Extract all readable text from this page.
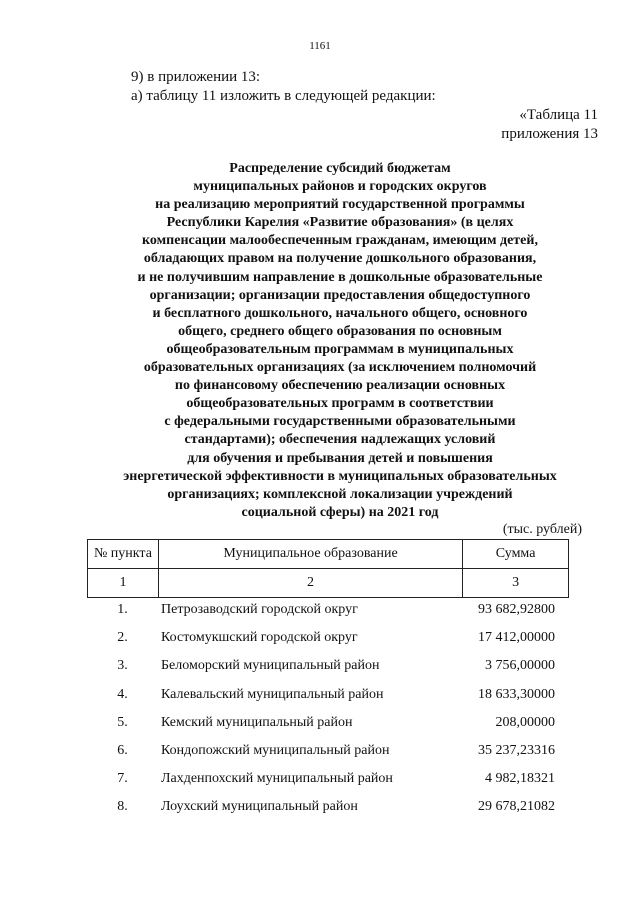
1161
9) в приложении 13:
а) таблицу 11 изложить в следующей редакции:
«Таблица 11
приложения 13
Распределение субсидий бюджетам
муниципальных районов и городских округов
на реализацию мероприятий государственной программы
Республики Карелия «Развитие образования» (в целях
компенсации малообеспеченным гражданам, имеющим детей,
обладающих правом на получение дошкольного образования,
и не получившим направление в дошкольные образовательные
организации; организации предоставления общедоступного
и бесплатного дошкольного, начального общего, основного
общего, среднего общего образования по основным
общеобразовательным программам в муниципальных
образовательных организациях (за исключением полномочий
по финансовому обеспечению реализации основных
общеобразовательных программ в соответствии
с федеральными государственными образовательными
стандартами); обеспечения надлежащих условий
для обучения и пребывания детей и повышения
энергетической эффективности в муниципальных образовательных
организациях; комплексной локализации учреждений
социальной сферы) на 2021 год
(тыс. рублей)
№ пункта	Муниципальное образование	Сумма
1	2	3
1.	Петрозаводский городской округ	93 682,92800
2.	Костомукшский городской округ	17 412,00000
3.	Беломорский муниципальный район	3 756,00000
4.	Калевальский муниципальный район	18 633,30000
5.	Кемский муниципальный район	208,00000
6.	Кондопожский муниципальный район	35 237,23316
7.	Лахденпохский муниципальный район	4 982,18321
8.	Лоухский муниципальный район	29 678,21082
